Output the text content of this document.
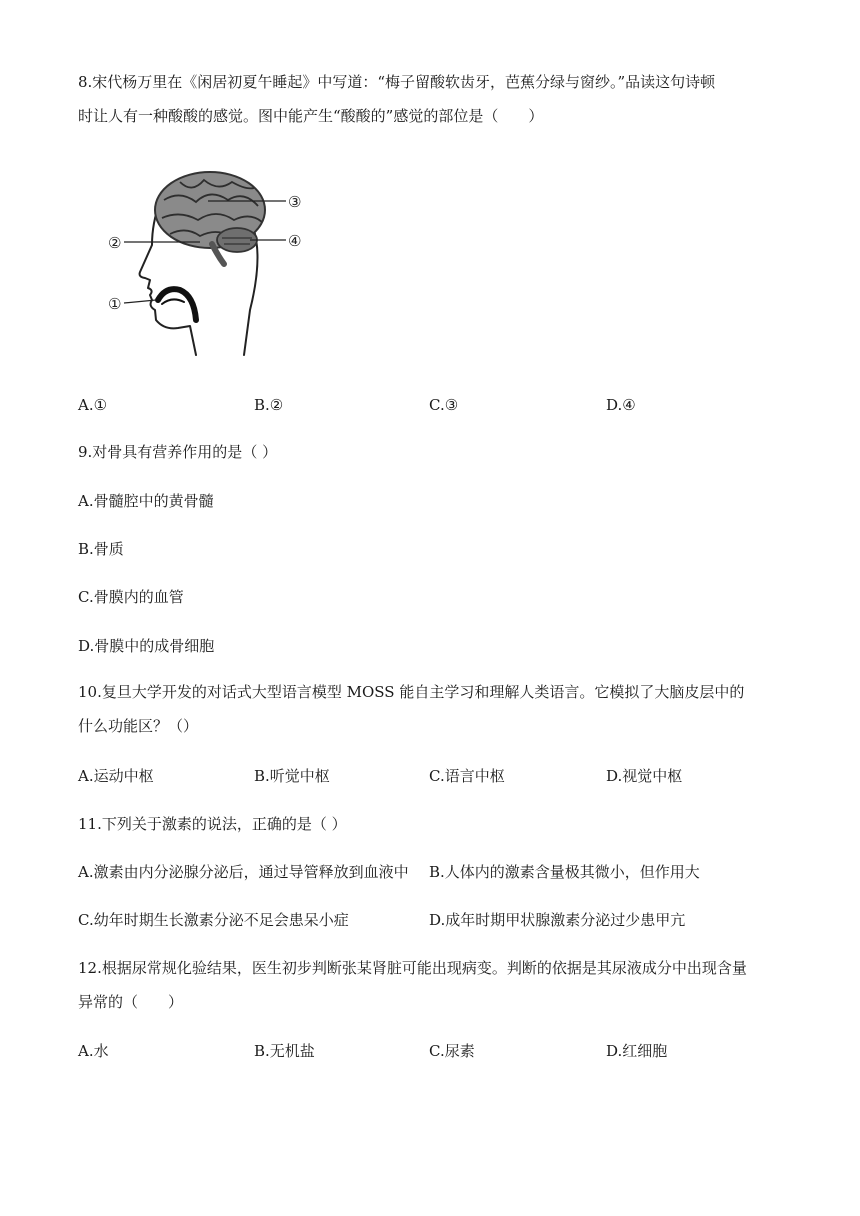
8.宋代杨万里在《闲居初夏午睡起》中写道：“梅子留酸软齿牙，芭蕉分绿与窗纱。”品读这句诗顿
时让人有一种酸酸的感觉。图中能产生“酸酸的”感觉的部位是（　　）
③
②	④
①
A.①	B.②	C.③	D.④
9.对骨具有营养作用的是（ ）
A.骨髓腔中的黄骨髓
B.骨质
C.骨膜内的血管
D.骨膜中的成骨细胞
10.复旦大学开发的对话式大型语言模型 MOSS 能自主学习和理解人类语言。它模拟了大脑皮层中的
什么功能区？（）
A.运动中枢	B.听觉中枢	C.语言中枢	D.视觉中枢
11.下列关于激素的说法，正确的是（ ）
A.激素由内分泌腺分泌后，通过导管释放到血液中 B.人体内的激素含量极其微小，但作用大
C.幼年时期生长激素分泌不足会患呆小症	D.成年时期甲状腺激素分泌过少患甲亢
12.根据尿常规化验结果，医生初步判断张某肾脏可能出现病变。判断的依据是其尿液成分中出现含量
异常的（　　）
A.水	B.无机盐	C.尿素	D.红细胞
